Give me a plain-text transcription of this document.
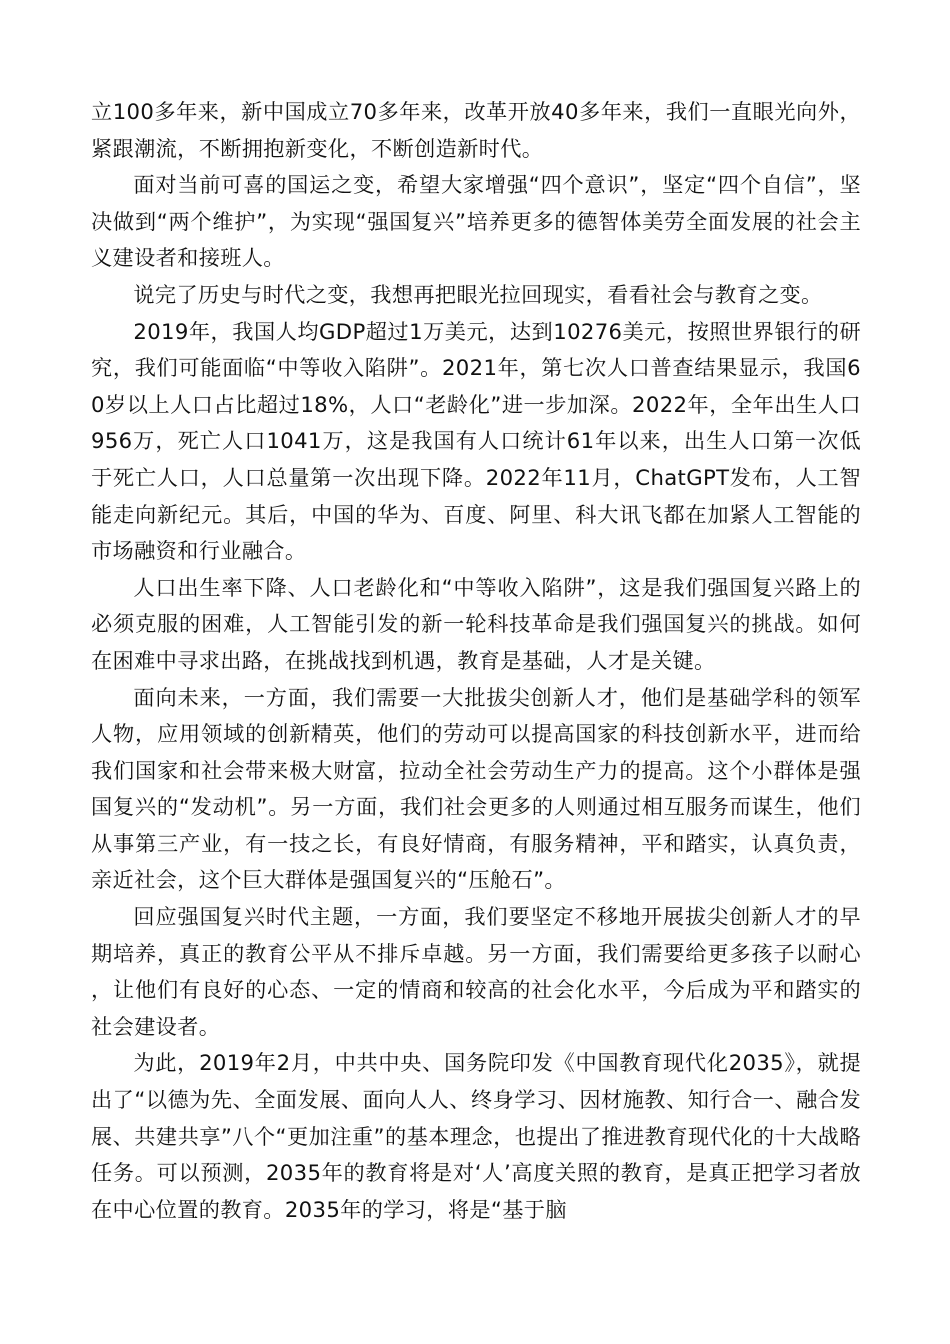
立100多年来，新中国成立70多年来，改革开放40多年来，我们一直眼光向外，紧跟潮流，不断拥抱新变化，不断创造新时代。

面对当前可喜的国运之变，希望大家增强“四个意识”，坚定“四个自信”，坚决做到“两个维护”，为实现“强国复兴”培养更多的德智体美劳全面发展的社会主义建设者和接班人。

说完了历史与时代之变，我想再把眼光拉回现实，看看社会与教育之变。

2019年，我国人均GDP超过1万美元，达到10276美元，按照世界银行的研究，我们可能面临“中等收入陷阱”。2021年，第七次人口普查结果显示，我国60岁以上人口占比超过18%，人口“老龄化”进一步加深。2022年，全年出生人口956万，死亡人口1041万，这是我国有人口统计61年以来，出生人口第一次低于死亡人口，人口总量第一次出现下降。2022年11月，ChatGPT发布，人工智能走向新纪元。其后，中国的华为、百度、阿里、科大讯飞都在加紧人工智能的市场融资和行业融合。

人口出生率下降、人口老龄化和“中等收入陷阱”，这是我们强国复兴路上的必须克服的困难，人工智能引发的新一轮科技革命是我们强国复兴的挑战。如何在困难中寻求出路，在挑战找到机遇，教育是基础，人才是关键。

面向未来，一方面，我们需要一大批拔尖创新人才，他们是基础学科的领军人物，应用领域的创新精英，他们的劳动可以提高国家的科技创新水平，进而给我们国家和社会带来极大财富，拉动全社会劳动生产力的提高。这个小群体是强国复兴的“发动机”。另一方面，我们社会更多的人则通过相互服务而谋生，他们从事第三产业，有一技之长，有良好情商，有服务精神，平和踏实，认真负责，亲近社会，这个巨大群体是强国复兴的“压舱石”。

回应强国复兴时代主题，一方面，我们要坚定不移地开展拔尖创新人才的早期培养，真正的教育公平从不排斥卓越。另一方面，我们需要给更多孩子以耐心，让他们有良好的心态、一定的情商和较高的社会化水平，今后成为平和踏实的社会建设者。

为此，2019年2月，中共中央、国务院印发《中国教育现代化2035》，就提出了“以德为先、全面发展、面向人人、终身学习、因材施教、知行合一、融合发展、共建共享”八个“更加注重”的基本理念，也提出了推进教育现代化的十大战略任务。可以预测，2035年的教育将是对‘人’高度关照的教育，是真正把学习者放在中心位置的教育。2035年的学习，将是“基于脑
